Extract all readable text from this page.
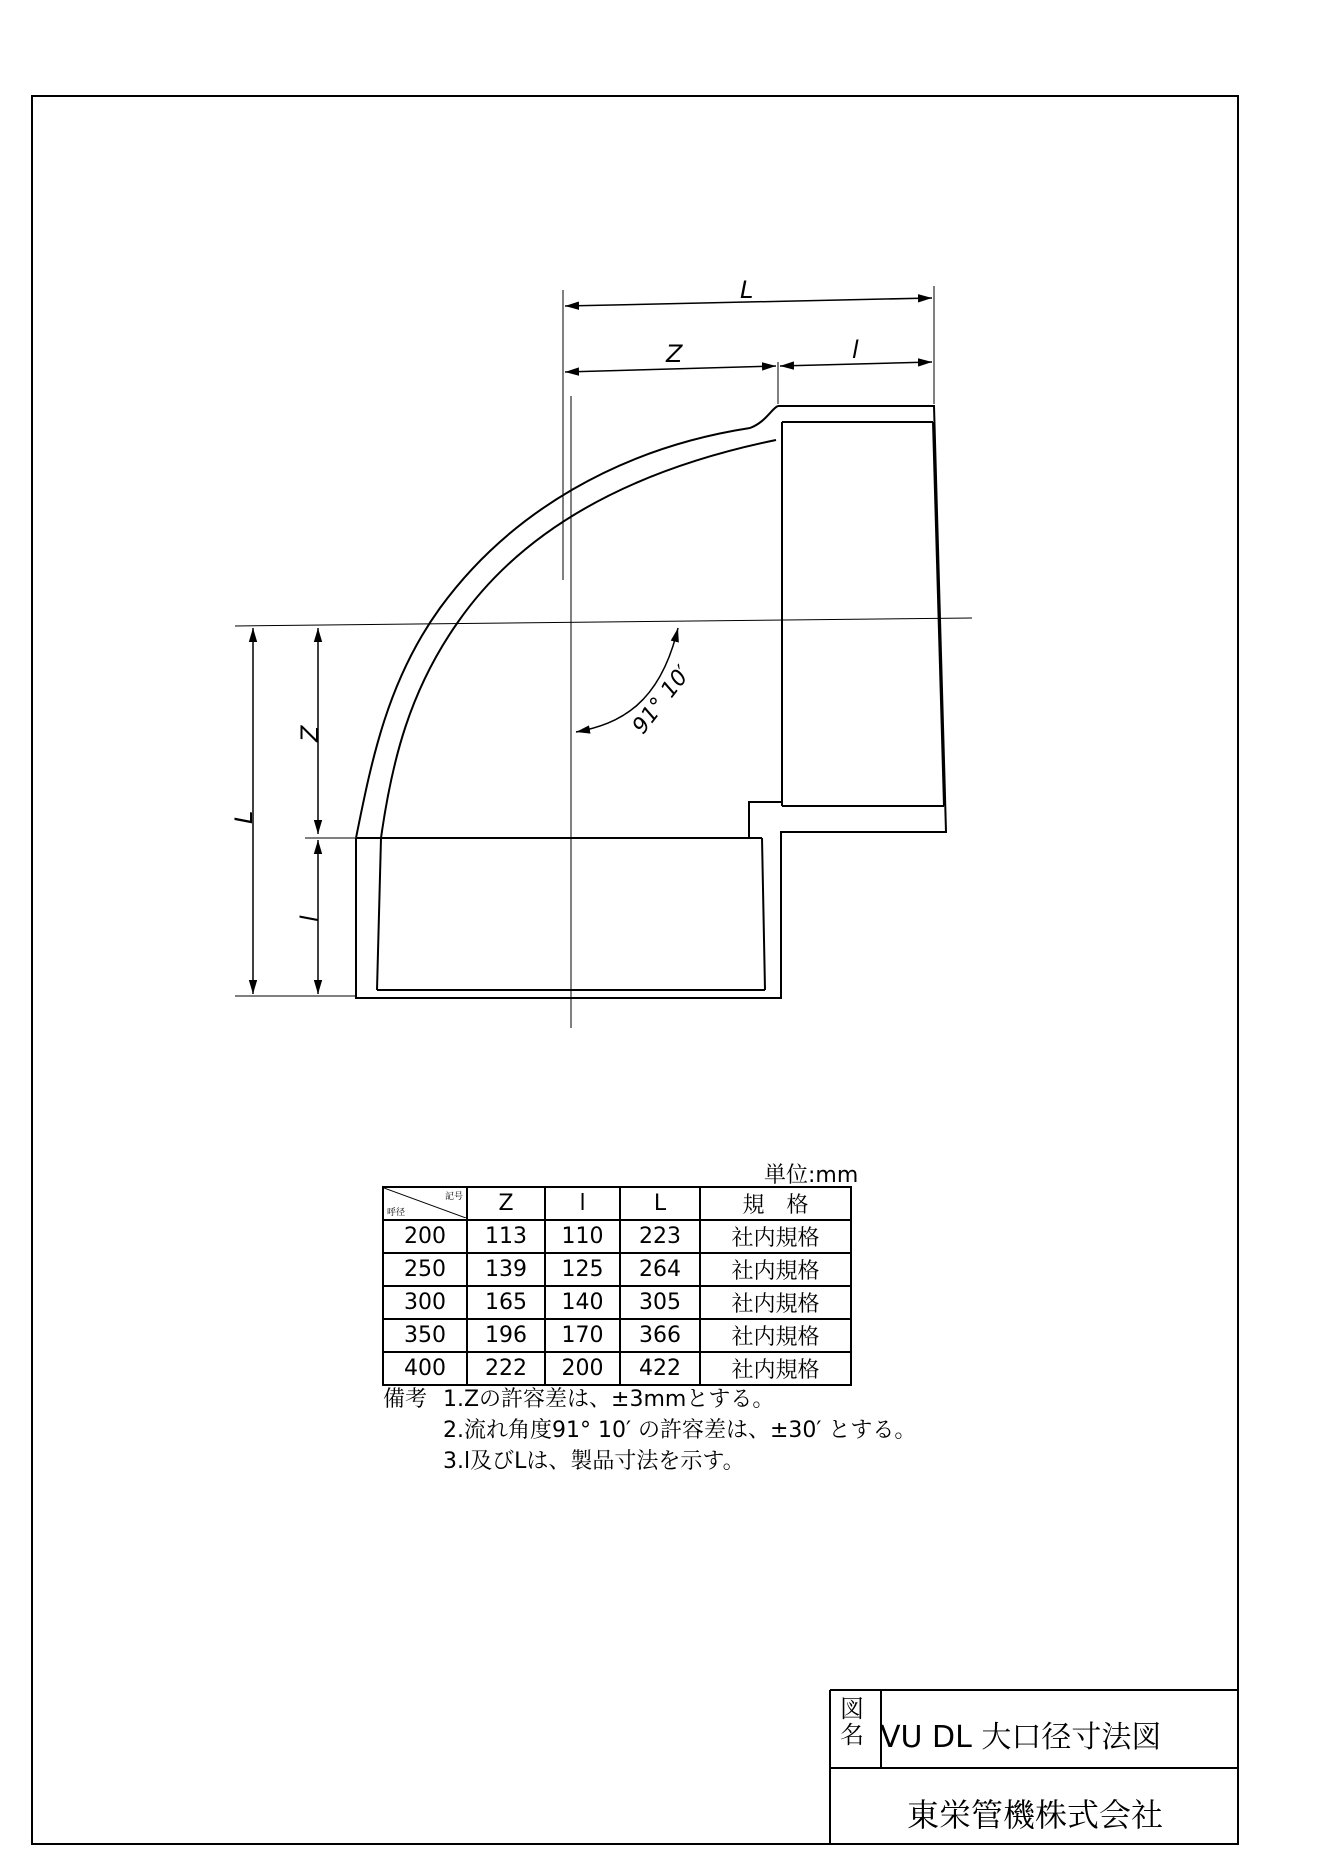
L
Z	l
L
Z
l
91° 10′
単位:mm
記号
呼径	Z	l	L	規　格
200	113	110	223	社内規格
250	139	125	264	社内規格
300	165	140	305	社内規格
350	196	170	366	社内規格
400	222	200	422	社内規格
備考 1.Zの許容差は、±3mmとする。
2.流れ角度91° 10′ の許容差は、±30′ とする。
3.l及びLは、製品寸法を示す。
図
名 VU DL 大口径寸法図
東栄管機株式会社
